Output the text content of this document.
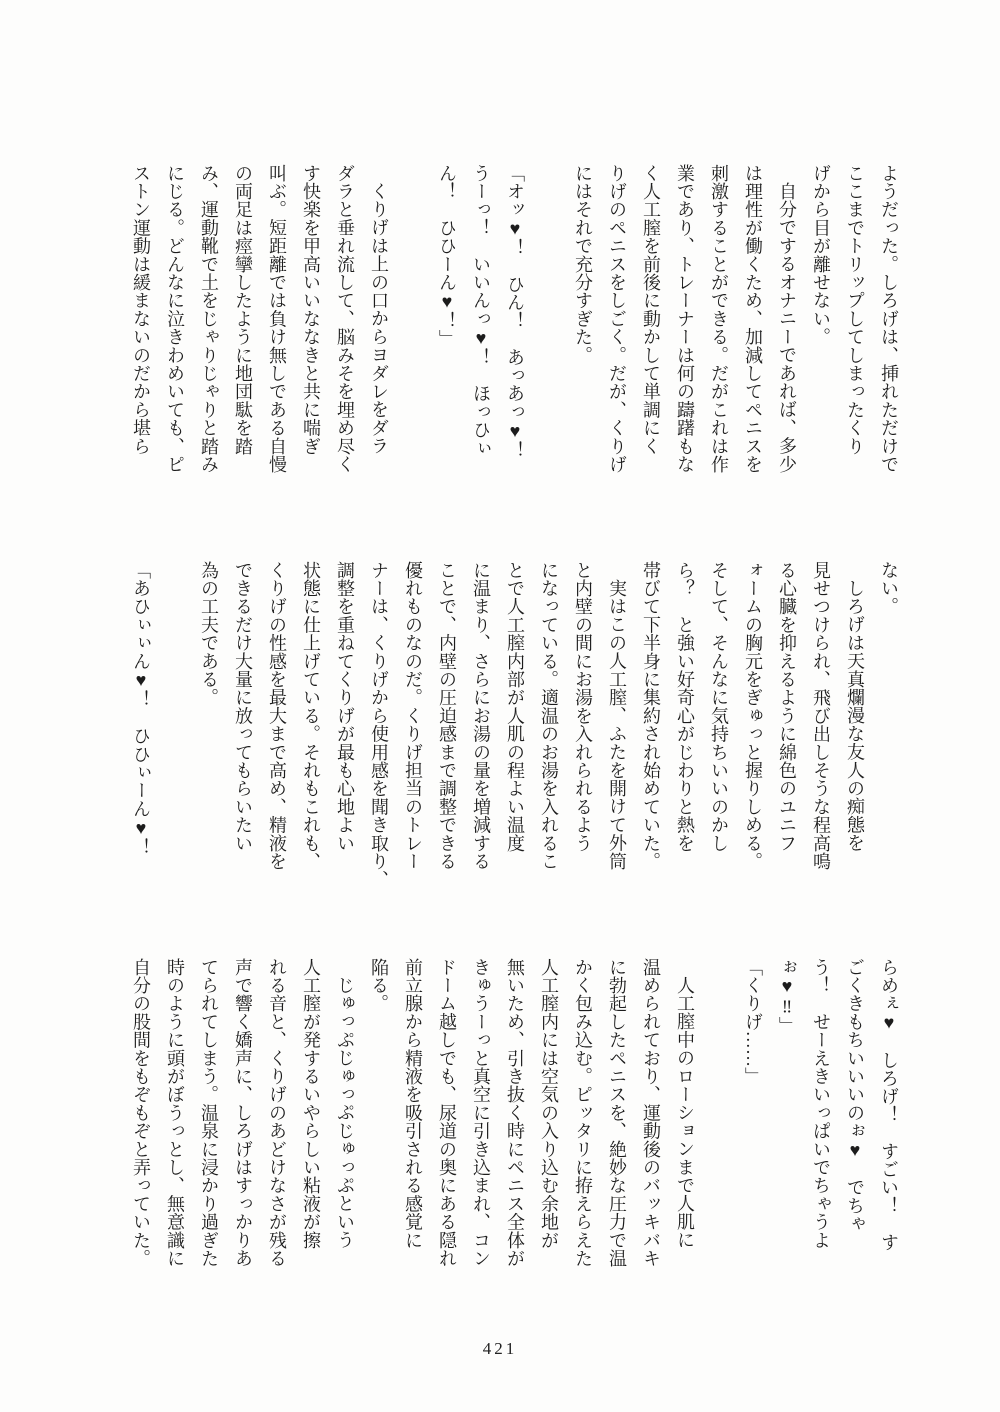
ようだった。しろげは、挿れただけで

ここまでトリップしてしまったくり

げから目が離せない。

自分でするオナニーであれば、多少

は理性が働くため、加減してペニスを

刺激することができる。だがこれは作

業であり、トレーナーは何の躊躇もな

く人工膣を前後に動かして単調にく

りげのペニスをしごく。だが、くりげ

にはそれで充分すぎた。

「オッ♥！　ひん！　あっあっ♥！

うーっ！　いいんっ♥！　ほっひぃ

ん！　ひひーん♥！」

くりげは上の口からヨダレをダラ

ダラと垂れ流して、脳みそを埋め尽く

す快楽を甲高いいななきと共に喘ぎ

叫ぶ。短距離では負け無しである自慢

の両足は痙攣したように地団駄を踏

み、運動靴で土をじゃりじゃりと踏み

にじる。どんなに泣きわめいても、ピ

ストン運動は緩まないのだから堪ら

ない。

しろげは天真爛漫な友人の痴態を

見せつけられ、飛び出しそうな程高鳴

る心臓を抑えるように綿色のユニフ

ォームの胸元をぎゅっと握りしめる。

そして、そんなに気持ちいいのかし

ら？　と強い好奇心がじわりと熱を

帯びて下半身に集約され始めていた。

実はこの人工膣、ふたを開けて外筒

と内壁の間にお湯を入れられるよう

になっている。適温のお湯を入れるこ

とで人工膣内部が人肌の程よい温度

に温まり、さらにお湯の量を増減する

ことで、内壁の圧迫感まで調整できる

優れものなのだ。くりげ担当のトレー

ナーは、くりげから使用感を聞き取り、

調整を重ねてくりげが最も心地よい

状態に仕上げている。それもこれも、

くりげの性感を最大まで高め、精液を

できるだけ大量に放ってもらいたい

為の工夫である。

「あひぃぃん♥！　ひひぃーん♥！

らめぇ♥　しろげ！　すごい！　す

ごくきもちいいいのぉ♥　でちゃ

う！　せーえきいっぱいでちゃうよ

ぉ♥‼」

「くりげ……」

人工膣中のローションまで人肌に

温められており、運動後のバッキバキ

に勃起したペニスを、絶妙な圧力で温

かく包み込む。ピッタリに拵えらえた

人工膣内には空気の入り込む余地が

無いため、引き抜く時にペニス全体が

きゅうーっと真空に引き込まれ、コン

ドーム越しでも、尿道の奥にある隠れ

前立腺から精液を吸引される感覚に

陥る。

じゅっぷじゅっぷじゅっぷという

人工膣が発するいやらしい粘液が擦

れる音と、くりげのあどけなさが残る

声で響く嬌声に、しろげはすっかりあ

てられてしまう。温泉に浸かり過ぎた

時のように頭がぼうっとし、無意識に

自分の股間をもぞもぞと弄っていた。

421
